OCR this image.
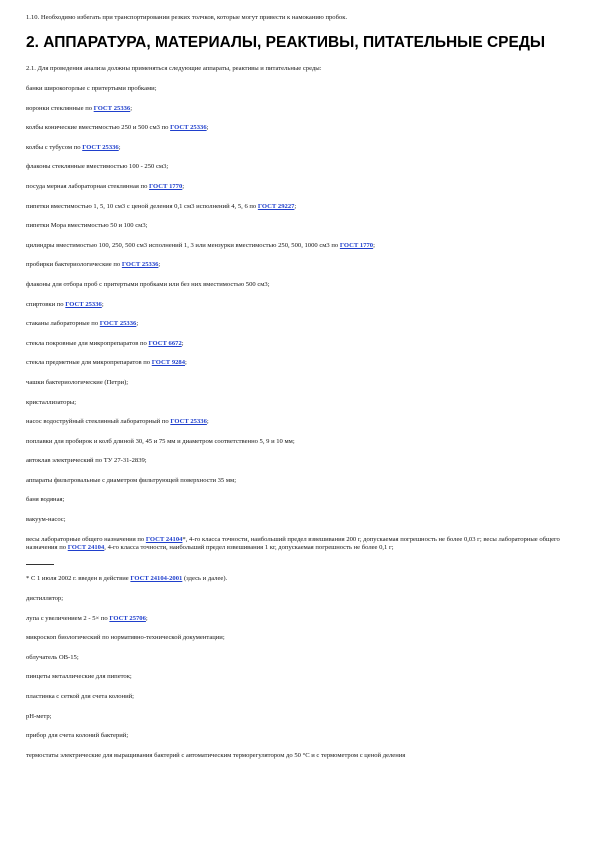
1.10. Необходимо избегать при транспортировании резких толчков, которые могут привести к намоканию пробок.

2. АППАРАТУРА, МАТЕРИАЛЫ, РЕАКТИВЫ, ПИТАТЕЛЬНЫЕ СРЕДЫ

2.1. Для проведения анализа должны применяться следующие аппараты, реактивы и питательные среды:

банки широкогорлые с притертыми пробками;

воронки стеклянные по ГОСТ 25336;

колбы конические вместимостью 250 и 500 см3 по ГОСТ 25336;

колбы с тубусом по ГОСТ 25336;

флаконы стеклянные вместимостью 100 - 250 см3;

посуда мерная лабораторная стеклянная по ГОСТ 1770;

пипетки вместимостью 1, 5, 10 см3 с ценой деления 0,1 см3 исполнений 4, 5, 6 по ГОСТ 29227;

пипетки Мора вместимостью 50 и 100 см3;

цилиндры вместимостью 100, 250, 500 см3 исполнений 1, 3 или мензурки вместимостью 250, 500, 1000 см3 по ГОСТ 1770;

пробирки бактериологические по ГОСТ 25336;

флаконы для отбора проб с притертыми пробками или без них вместимостью 500 см3;

спиртовки по ГОСТ 25336;

стаканы лабораторные по ГОСТ 25336;

стекла покровные для микропрепаратов по ГОСТ 6672;

стекла предметные для микропрепаратов по ГОСТ 9284;

чашки бактериологические (Петри);

кристаллизаторы;

насос водоструйный стеклянный лабораторный по ГОСТ 25336;

поплавки для пробирок и колб длиной 30, 45 и 75 мм и диаметром соответственно 5, 9 и 10 мм;

автоклав электрический по ТУ 27-31-2839;

аппараты фильтровальные с диаметром фильтрующей поверхности 35 мм;

баня водяная;

вакуум-насос;

весы лабораторные общего назначения по ГОСТ 24104*, 4-го класса точности, наибольший предел взвешивания 200 г, допускаемая погрешность не более 0,03 г; весы лабораторные общего назначения по ГОСТ 24104, 4-го класса точности, наибольший предел взвешивания 1 кг, допускаемая погрешность не более 0,1 г;

* С 1 июля 2002 г. введен в действие ГОСТ 24104-2001 (здесь и далее).

дистиллятор;

лупа с увеличением 2 - 5× по ГОСТ 25706;

микроскоп биологический по нормативно-технической документации;

облучатель ОВ-15;

пинцеты металлические для пипеток;

пластинка с сеткой для счета колоний;

рН-метр;

прибор для счета колоний бактерий;

термостаты электрические для выращивания бактерий с автоматическим терморегулятором до 50 °С и с термометром с ценой деления
